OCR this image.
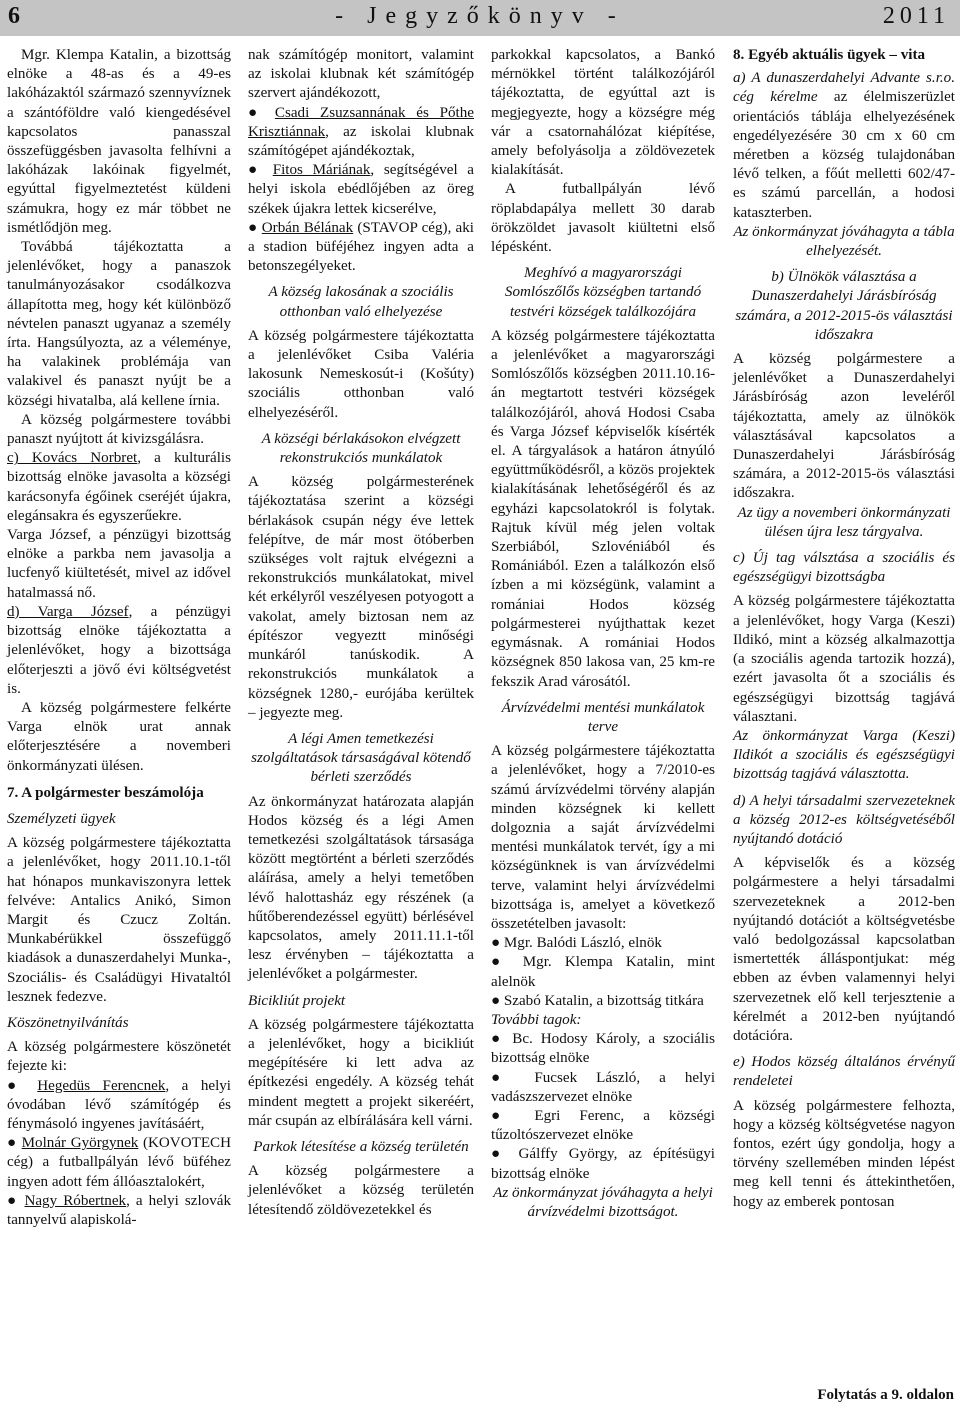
6	- Jegyzőkönyv -	2011

Mgr. Klempa Katalin, a bizottság elnöke a 48-as és a 49-es lakóházaktól származó szennyvíznek a szántóföldre való kiengedésével kapcsolatos panasszal összefüggésben javasolta felhívni a lakóházak lakóinak figyelmét, egyúttal figyelmeztetést küldeni számukra, hogy ez már többet ne ismétlődjön meg.

Továbbá tájékoztatta a jelenlévőket, hogy a panaszok tanulmányozásakor csodálkozva állapította meg, hogy két különböző névtelen panaszt ugyanaz a személy írta. Hangsúlyozta, az a véleménye, ha valakinek problémája van valakivel és panaszt nyújt be a községi hivatalba, alá kellene írnia.

A község polgármestere további panaszt nyújtott át kivizsgálásra.

c) Kovács Norbret, a kulturális bizottság elnöke javasolta a községi karácsonyfa égőinek cseréjét újakra, elegánsakra és egyszerűekre.

Varga József, a pénzügyi bizottság elnöke a parkba nem javasolja a lucfenyő kiültetését, mivel az idővel hatalmassá nő.

d) Varga József, a pénzügyi bizottság elnöke tájékoztatta a jelenlévőket, hogy a bizottsága előterjeszti a jövő évi költségvetést is.

A község polgármestere felkérte Varga elnök urat annak előterjesztésére a novemberi önkormányzati ülésen.

7. A polgármester beszámolója

Személyzeti ügyek

A község polgármestere tájékoztatta a jelenlévőket, hogy 2011.10.1-től hat hónapos munkaviszonyra lettek felvéve: Antalics Anikó, Simon Margit és Czucz Zoltán. Munkabérükkel összefüggő kiadások a dunaszerdahelyi Munka-, Szociális- és Családügyi Hivataltól lesznek fedezve.

Köszönetnyilvánítás

A község polgármestere köszönetét fejezte ki:

● Hegedüs Ferencnek, a helyi óvodában lévő számítógép és fénymásoló ingyenes javításáért,

● Molnár Györgynek (KOVOTECH cég) a futballpályán lévő büféhez ingyen adott fém állóasztalokért,

● Nagy Róbertnek, a helyi szlovák tannyelvű alapiskolá-

nak számítógép monitort, valamint az iskolai klubnak két számítógép szervert ajándékozott,

● Csadi Zsuzsannának és Pőthe Krisztiánnak, az iskolai klubnak számítógépet ajándékoztak,

● Fitos Máriának, segítségével a helyi iskola ebédlőjében az öreg székek újakra lettek kicserélve,

● Orbán Bélának (STAVOP cég), aki a stadion büféjéhez ingyen adta a betonszegélyeket.

A község lakosának a szociális otthonban való elhelyezése

A község polgármestere tájékoztatta a jelenlévőket Csiba Valéria lakosunk Nemeskosút-i (Košúty) szociális otthonban való elhelyezéséről.

A községi bérlakásokon elvégzett rekonstrukciós munkálatok

A község polgármesterének tájékoztatása szerint a községi bérlakások csupán négy éve lettek felépítve, de már most ötóberben szükséges volt rajtuk elvégezni a rekonstrukciós munkálatokat, mivel két erkélyről veszélyesen potyogott a vakolat, amely biztosan nem az építészor vegyeztt minőségi munkáról tanúskodik. A rekonstrukciós munkálatok a községnek 1280,- eurójába kerültek – jegyezte meg.

A légi Amen temetkezési szolgáltatások társaságával kötendő bérleti szerződés

Az önkormányzat határozata alapján Hodos község és a légi Amen temetkezési szolgáltatások társasága között megtörtént a bérleti szerződés aláírása, amely a helyi temetőben lévő halottasház egy részének (a hűtőberendezéssel együtt) bérlésével kapcsolatos, amely 2011.11.1-től lesz érvényben – tájékoztatta a jelenlévőket a polgármester.

Bicikliút projekt

A község polgármestere tájékoztatta a jelenlévőket, hogy a bicikliút megépítésére ki lett adva az építkezési engedély. A község tehát mindent megtett a projekt sikeréért, már csupán az elbírálására kell várni.

Parkok létesítése a község területén

A község polgármestere a jelenlévőket a község területén létesítendő zöldövezetekkel és

parkokkal kapcsolatos, a Bankó mérnökkel történt találkozójáról tájékoztatta, de egyúttal azt is megjegyezte, hogy a községre még vár a csatornahálózat kiépítése, amely befolyásolja a zöldövezetek kialakítását.

A futballpályán lévő röplabdapálya mellett 30 darab örökzöldet javasolt kiültetni első lépésként.

Meghívó a magyarországi Somlószőlős községben tartandó testvéri községek találkozójára

A község polgármestere tájékoztatta a jelenlévőket a magyarországi Somlószőlős községben 2011.10.16-án megtartott testvéri községek találkozójáról, ahová Hodosi Csaba és Varga József képviselők kísérték el. A tárgyalások a határon átnyúló együttműködésről, a közös projektek kialakításának lehetőségéről és az egyházi kapcsolatokról is folytak. Rajtuk kívül még jelen voltak Szerbiából, Szlovéniából és Romániából. Ezen a találkozón első ízben a mi községünk, valamint a romániai Hodos község polgármesterei nyújthattak kezet egymásnak. A romániai Hodos községnek 850 lakosa van, 25 km-re fekszik Arad városától.

Árvízvédelmi mentési munkálatok terve

A község polgármestere tájékoztatta a jelenlévőket, hogy a 7/2010-es számú árvízvédelmi törvény alapján minden községnek ki kellett dolgoznia a saját árvízvédelmi mentési munkálatok tervét, így a mi községünknek is van árvízvédelmi terve, valamint helyi árvízvédelmi bizottsága is, amelyet a következő összetételben javasolt:

● Mgr. Balódi László, elnök

● Mgr. Klempa Katalin, mint alelnök

● Szabó Katalin, a bizottság titkára

További tagok:

● Bc. Hodosy Károly, a szociális bizottság elnöke

● Fucsek László, a helyi vadászszervezet elnöke

● Egri Ferenc, a községi tűzoltószervezet elnöke

● Gálffy György, az építésügyi bizottság elnöke

Az önkormányzat jóváhagyta a helyi árvízvédelmi bizottságot.

8. Egyéb aktuális ügyek – vita

a) A dunaszerdahelyi Advante s.r.o. cég kérelme az élelmiszerüzlet orientációs táblája elhelyezésének engedélyezésére 30 cm x 60 cm méretben a község tulajdonában lévő telken, a főút melletti 602/47-es számú parcellán, a hodosi kataszterben.

Az önkormányzat jóváhagyta a tábla elhelyezését.

b) Ülnökök választása a Dunaszerdahelyi Járásbíróság számára, a 2012-2015-ös választási időszakra

A község polgármestere a jelenlévőket a Dunaszerdahelyi Járásbíróság azon leveléről tájékoztatta, amely az ülnökök választásával kapcsolatos a Dunaszerdahelyi Járásbíróság számára, a 2012-2015-ös választási időszakra.

Az ügy a novemberi önkormányzati ülésen újra lesz tárgyalva.

c) Új tag válsztása a szociális és egészségügyi bizottságba

A község polgármestere tájékoztatta a jelenlévőket, hogy Varga (Keszi) Ildikó, mint a község alkalmazottja (a szociális agenda tartozik hozzá), ezért javasolta őt a szociális és egészségügyi bizottság tagjává választani.

Az önkormányzat Varga (Keszi) Ildikót a szociális és egészségügyi bizottság tagjává választotta.

d) A helyi társadalmi szervezeteknek a község 2012-es költségvetéséből nyújtandó dotáció

A képviselők és a község polgármestere a helyi társadalmi szervezeteknek a 2012-ben nyújtandó dotációt a költségvetésbe való bedolgozással kapcsolatban ismertették álláspontjukat: még ebben az évben valamennyi helyi szervezetnek elő kell terjesztenie a kérelmét a 2012-ben nyújtandó dotációra.

e) Hodos község általános érvényű rendeletei

A község polgármestere felhoztа, hogy a község költségvetése nagyon fontos, ezért úgy gondolja, hogy a törvény szellemében minden lépést meg kell tenni és áttekinthetően, hogy az emberek pontosan

Folytatás a 9. oldalon
